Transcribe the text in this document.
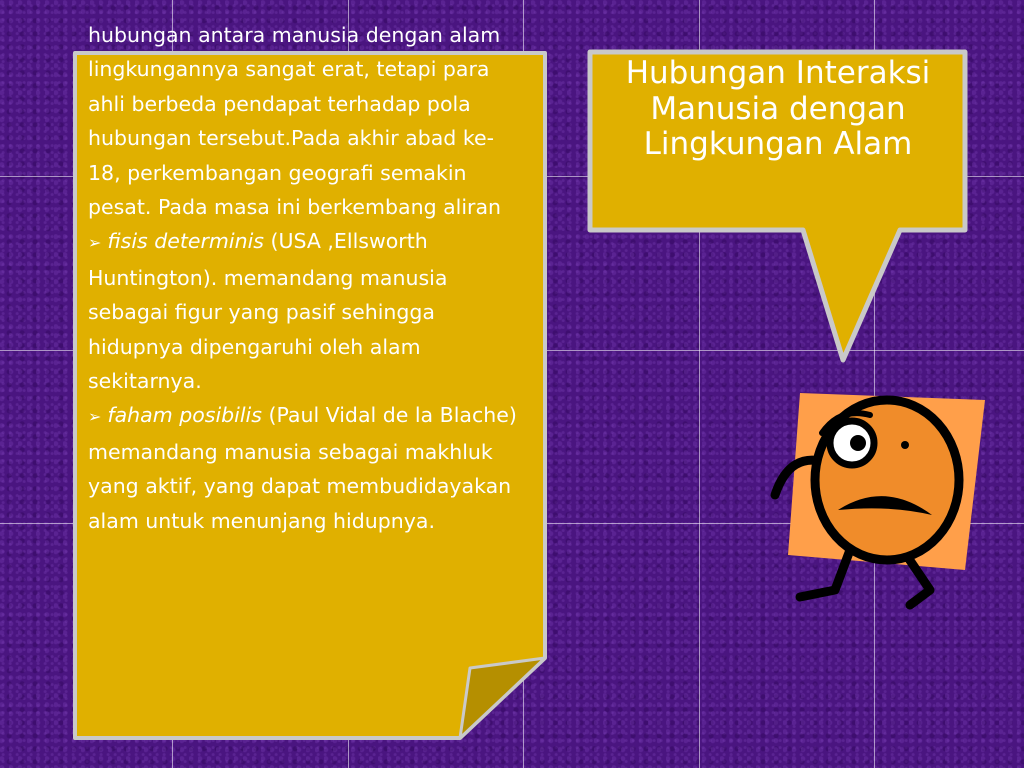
hubungan antara manusia dengan alam lingkungannya sangat erat, tetapi para ahli berbeda pendapat terhadap pola hubungan tersebut.Pada akhir abad ke- 18, perkembangan geografi semakin pesat. Pada masa ini berkembang aliran

➢ fisis determinis (USA ,Ellsworth Huntington). memandang manusia sebagai figur yang pasif sehingga hidupnya dipengaruhi oleh alam sekitarnya.

➢ faham posibilis (Paul Vidal de la Blache) memandang manusia sebagai makhluk yang aktif, yang dapat membudidayakan alam untuk menunjang hidupnya.

Hubungan Interaksi Manusia dengan Lingkungan Alam
